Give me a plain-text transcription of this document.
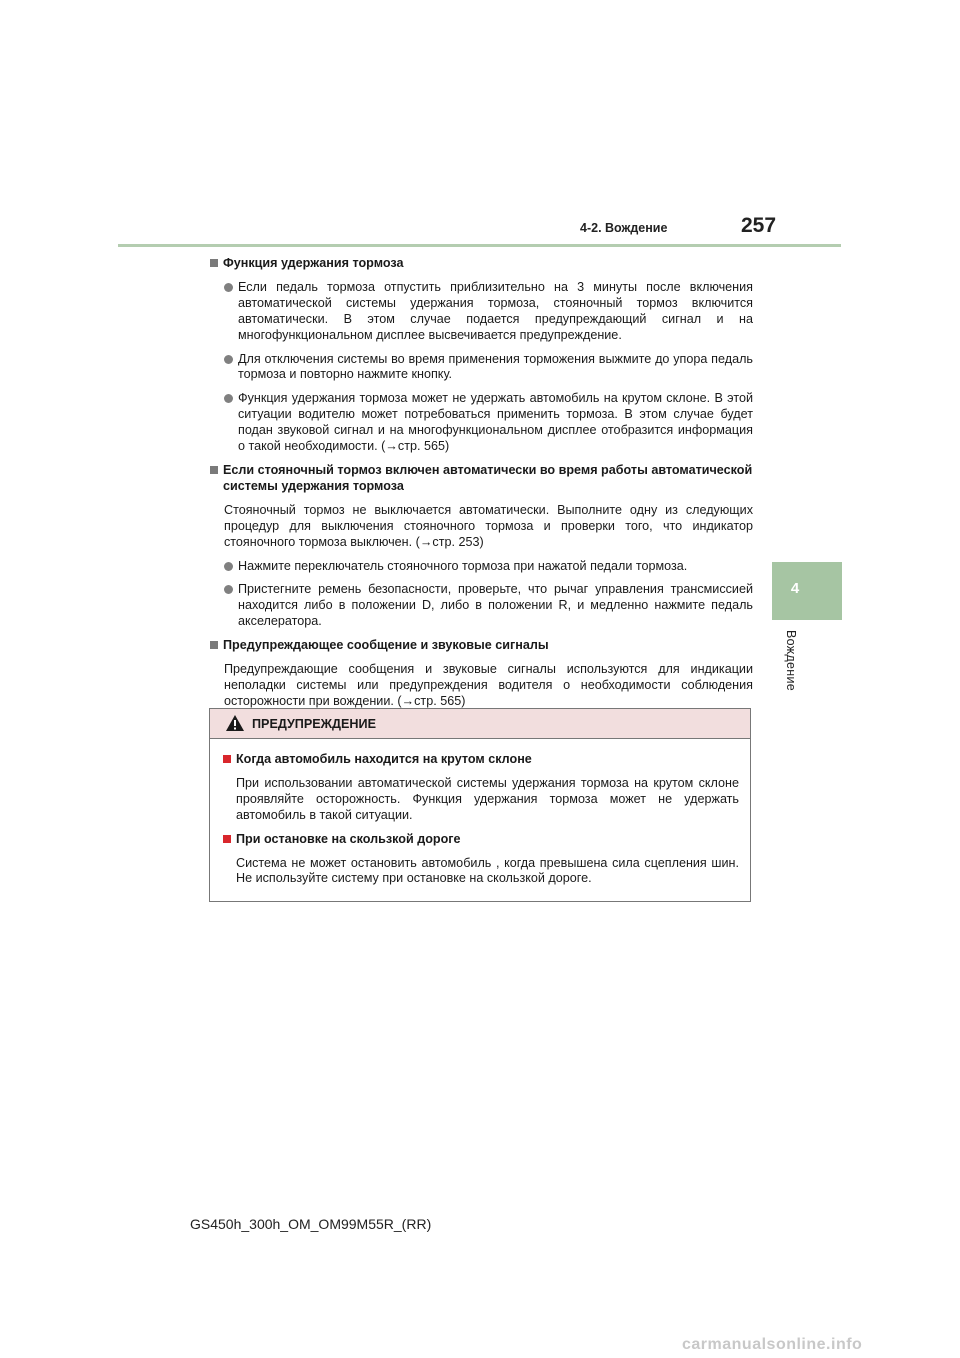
4-2. Вождение	257
4
Вождение
Функция удержания тормоза
Если педаль тормоза отпустить приблизительно на 3 минуты после включения автоматической системы удержания тормоза, стояночный тормоз включится автоматически. В этом случае подается предупреждающий сигнал и на многофункциональном дисплее высвечивается предупреждение.
Для отключения системы во время применения торможения выжмите до упора педаль тормоза и повторно нажмите кнопку.
Функция удержания тормоза может не удержать автомобиль на крутом склоне. В этой ситуации водителю может потребоваться применить тормоза. В этом случае будет подан звуковой сигнал и на многофункциональном дисплее отобразится информация о такой необходимости. (→стр. 565)
Если стояночный тормоз включен автоматически во время работы автоматической системы удержания тормоза
Стояночный тормоз не выключается автоматически. Выполните одну из следующих процедур для выключения стояночного тормоза и проверки того, что индикатор стояночного тормоза выключен. (→стр. 253)
Нажмите переключатель стояночного тормоза при нажатой педали тормоза.
Пристегните ремень безопасности, проверьте, что рычаг управления трансмиссией находится либо в положении D, либо в положении R, и медленно нажмите педаль акселератора.
Предупреждающее сообщение и звуковые сигналы
Предупреждающие сообщения и звуковые сигналы используются для индикации неполадки системы или предупреждения водителя о необходимости соблюдения осторожности при вождении. (→стр. 565)
ПРЕДУПРЕЖДЕНИЕ
Когда автомобиль находится на крутом склоне
При использовании автоматической системы удержания тормоза на крутом склоне проявляйте осторожность. Функция удержания тормоза может не удержать автомобиль в такой ситуации.
При остановке на скользкой дороге
Система не может остановить автомобиль , когда превышена сила сцепления шин. Не используйте систему при остановке на скользкой дороге.
GS450h_300h_OM_OM99M55R_(RR)
carmanualsonline.info
